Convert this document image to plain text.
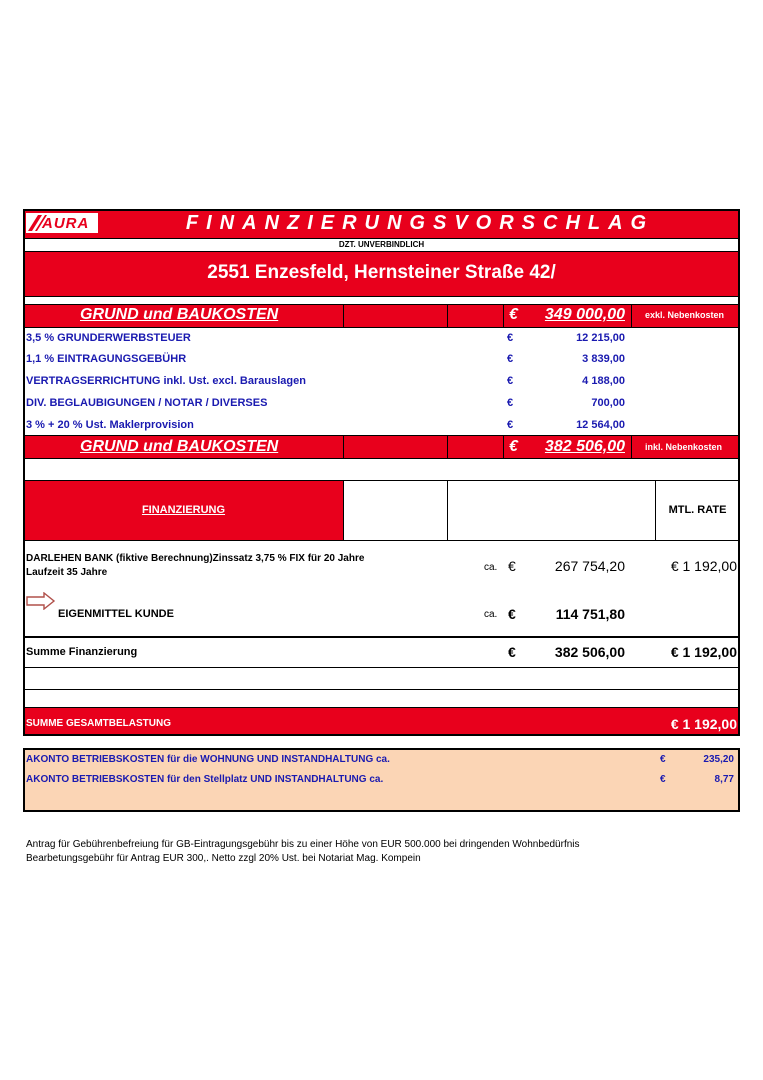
AURA	FINANZIERUNGSVORSCHLAG
DZT. UNVERBINDLICH
2551 Enzesfeld, Hernsteiner Straße 42/
GRUND und BAUKOSTEN	€	349 000,00 exkl. Nebenkosten
3,5 % GRUNDERWERBSTEUER	€	12 215,00
1,1 % EINTRAGUNGSGEBÜHR	€	3 839,00
VERTRAGSERRICHTUNG inkl. Ust. excl. Barauslagen	€	4 188,00
DIV. BEGLAUBIGUNGEN / NOTAR / DIVERSES	€	700,00
3 % + 20 % Ust. Maklerprovision	€	12 564,00
GRUND und BAUKOSTEN	€	382 506,00 inkl. Nebenkosten
FINANZIERUNG	MTL. RATE
DARLEHEN BANK (fiktive Berechnung)Zinssatz 3,75 % FIX für 20 Jahre
Laufzeit 35 Jahre	ca. €	267 754,20	€ 1 192,00
EIGENMITTEL KUNDE	ca. €	114 751,80
Summe Finanzierung	€	382 506,00	€ 1 192,00
SUMME GESAMTBELASTUNG	€ 1 192,00
AKONTO BETRIEBSKOSTEN für die WOHNUNG UND INSTANDHALTUNG ca.	€	235,20
AKONTO BETRIEBSKOSTEN für den Stellplatz UND INSTANDHALTUNG ca.	€	8,77
Antrag für Gebührenbefreiung für GB-Eintragungsgebühr bis zu einer Höhe von EUR 500.000 bei dringenden Wohnbedürfnis
Bearbetungsgebühr für Antrag EUR 300,. Netto zzgl 20% Ust. bei Notariat Mag. Kompein
